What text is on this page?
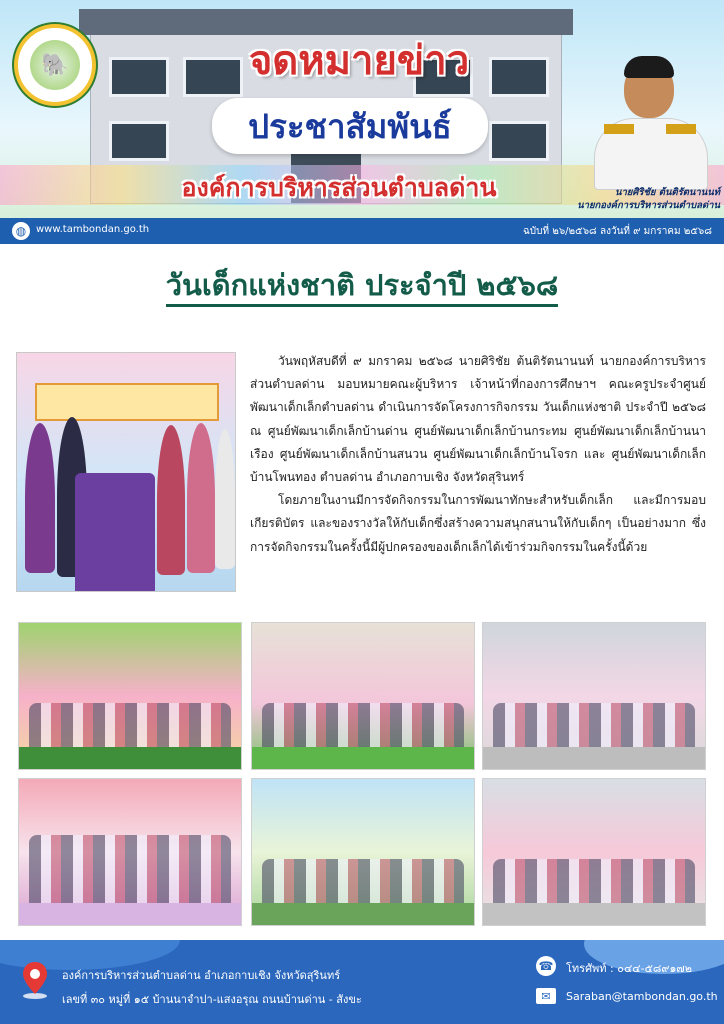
🐘	จดหมายข่าว
ประชาสัมพันธ์
องค์การบริหารส่วนตำบลด่าน	นายศิริชัย ต้นติรัตนานนท์
นายกองค์การบริหารส่วนตำบลด่าน
◍ www.tambondan.go.th	ฉบับที่ ๒๖/๒๕๖๘ ลงวันที่ ๙ มกราคม ๒๕๖๘
วันเด็กแห่งชาติ ประจำปี ๒๕๖๘

วันพฤหัสบดีที่ ๙ มกราคม ๒๕๖๘ นายศิริชัย ต้นติรัตนานนท์ นายกองค์การบริหารส่วนตำบลด่าน มอบหมายคณะผู้บริหาร เจ้าหน้าที่กองการศึกษาฯ คณะครูประจำศูนย์พัฒนาเด็กเล็กตำบลด่าน ดำเนินการจัดโครงการกิจกรรม วันเด็กแห่งชาติ ประจำปี ๒๕๖๘ ณ ศูนย์พัฒนาเด็กเล็กบ้านด่าน ศูนย์พัฒนาเด็กเล็กบ้านกระทม ศูนย์พัฒนาเด็กเล็กบ้านนาเรือง ศูนย์พัฒนาเด็กเล็กบ้านสนวน ศูนย์พัฒนาเด็กเล็กบ้านโจรก และ ศูนย์พัฒนาเด็กเล็กบ้านโพนทอง ตำบลด่าน อำเภอกาบเชิง จังหวัดสุรินทร์

โดยภายในงานมีการจัดกิจกรรมในการพัฒนาทักษะสำหรับเด็กเล็ก และมีการมอบเกียรติบัตร และของรางวัลให้กับเด็กซึ่งสร้างความสนุกสนานให้กับเด็กๆ เป็นอย่างมาก ซึ่งการจัดกิจกรรมในครั้งนี้มีผู้ปกครองของเด็กเล็กได้เข้าร่วมกิจกรรมในครั้งนี้ด้วย

องค์การบริหารส่วนตำบลด่าน อำเภอกาบเชิง จังหวัดสุรินทร์
เลขที่ ๓๐ หมู่ที่ ๑๕ บ้านนาจำปา-แสงอรุณ ถนนบ้านด่าน - สังขะ
☎ โทรศัพท์ : ๐๔๔-๕๘๙๑๗๒
✉	Saraban@tambondan.go.th
